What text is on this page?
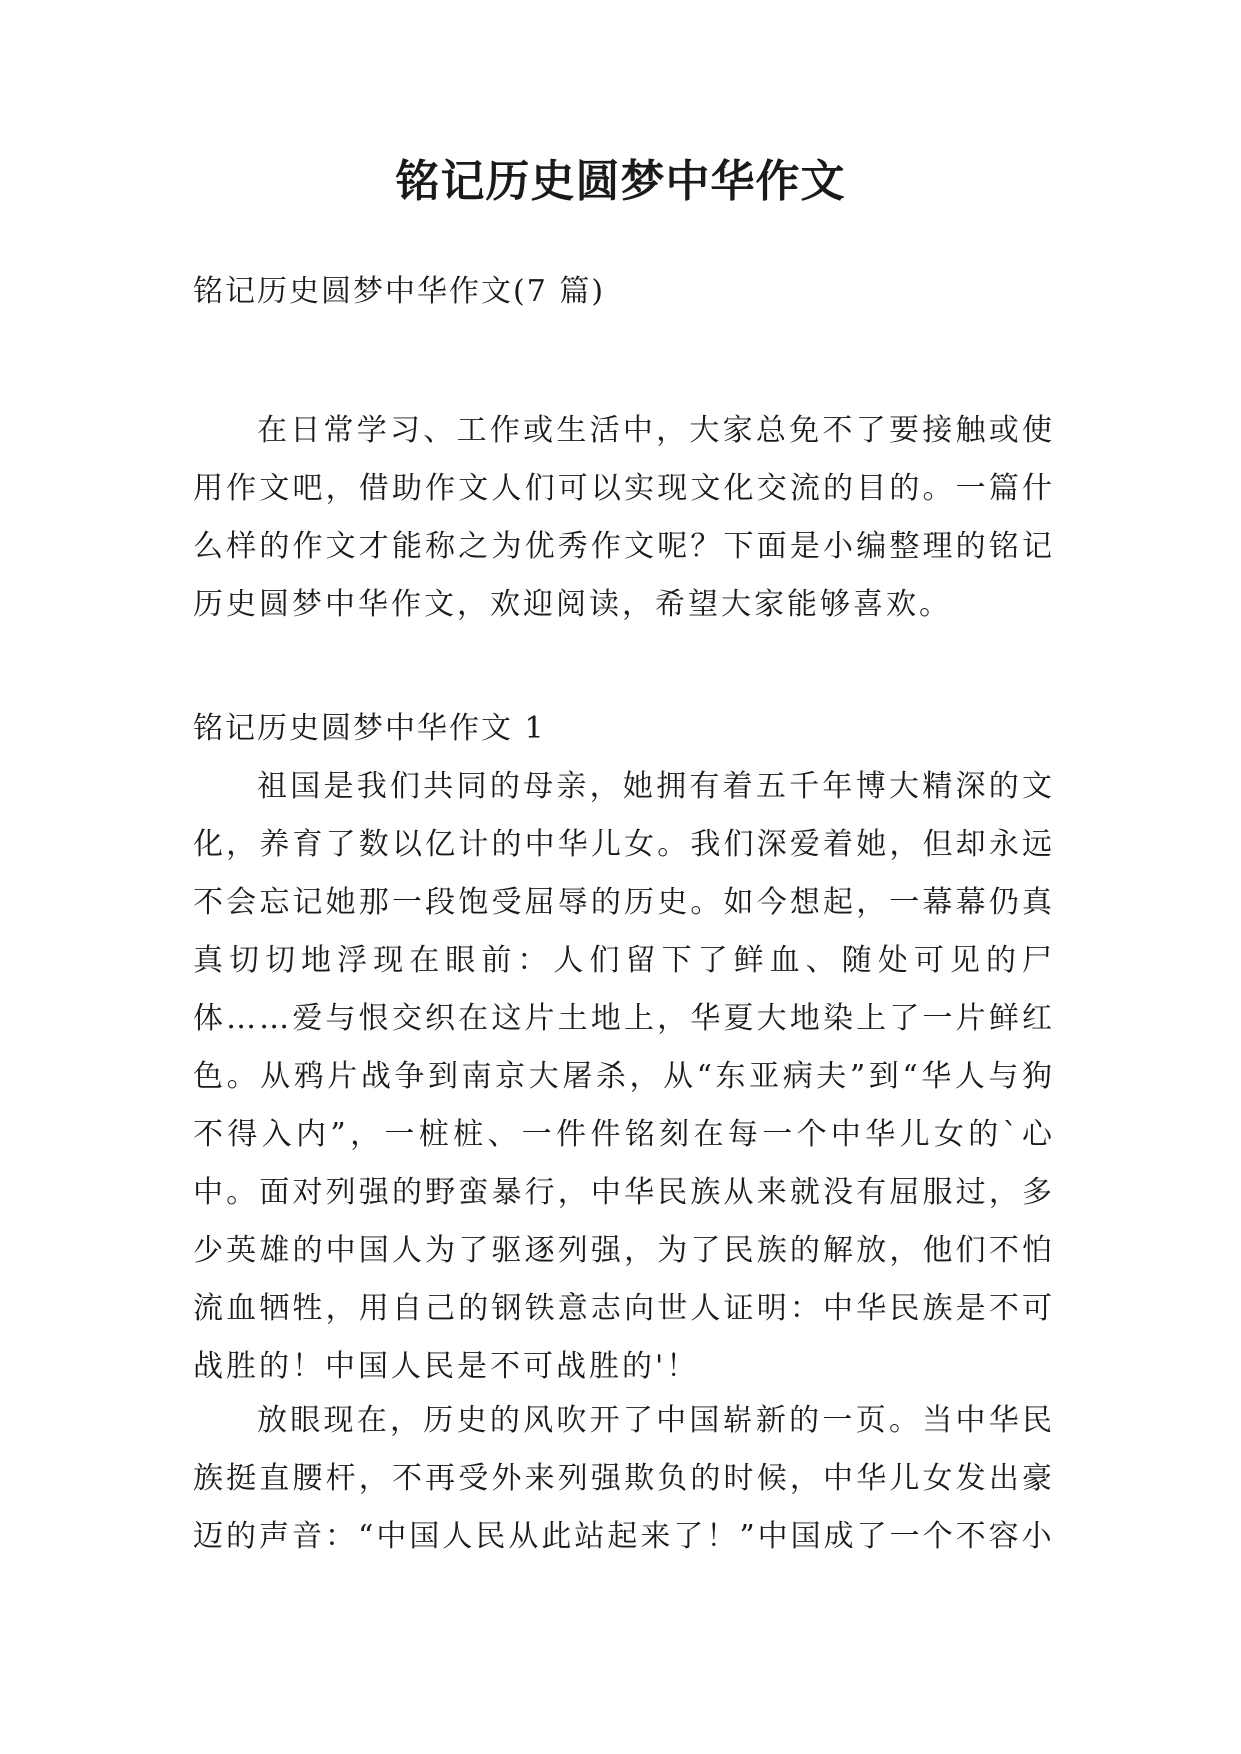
铭记历史圆梦中华作文

铭记历史圆梦中华作文(7 篇)

在日常学习、工作或生活中，大家总免不了要接触或使用作文吧，借助作文人们可以实现文化交流的目的。一篇什么样的作文才能称之为优秀作文呢？下面是小编整理的铭记历史圆梦中华作文，欢迎阅读，希望大家能够喜欢。

铭记历史圆梦中华作文 1

祖国是我们共同的母亲，她拥有着五千年博大精深的文化，养育了数以亿计的中华儿女。我们深爱着她，但却永远不会忘记她那一段饱受屈辱的历史。如今想起，一幕幕仍真真切切地浮现在眼前：人们留下了鲜血、随处可见的尸体……爱与恨交织在这片土地上，华夏大地染上了一片鲜红色。从鸦片战争到南京大屠杀，从“东亚病夫”到“华人与狗不得入内”，一桩桩、一件件铭刻在每一个中华儿女的`心中。面对列强的野蛮暴行，中华民族从来就没有屈服过，多少英雄的中国人为了驱逐列强，为了民族的解放，他们不怕流血牺牲，用自己的钢铁意志向世人证明：中华民族是不可战胜的！中国人民是不可战胜的'！

放眼现在，历史的风吹开了中国崭新的一页。当中华民族挺直腰杆，不再受外来列强欺负的时候，中华儿女发出豪迈的声音：“中国人民从此站起来了！”中国成了一个不容小
